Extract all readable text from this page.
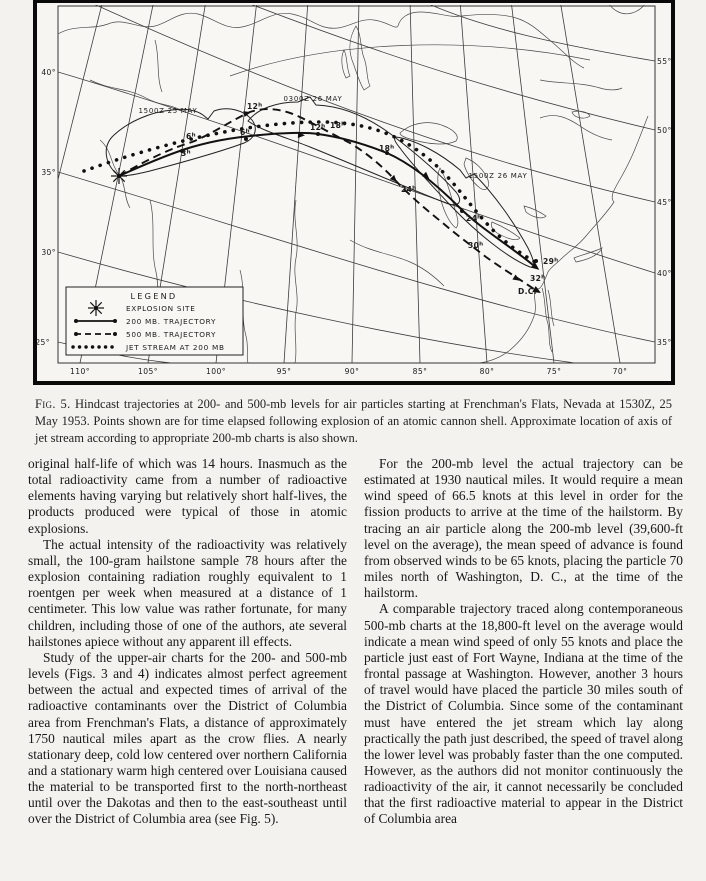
1500Z 25 MAY
0300Z 26 MAY
1500Z 26 MAY
3$^h$
6$^h$	6$^h$
12$^h$
12$^h$ 18$^h$
18$^h$
24$^h$
24$^h$
30$^h$
29$^h$
32$^h$
D.C.
40°
35°
30°
25°
55°
50°
45°
40°
35°
110°	105°	100°	95°	90°	85°	80°	75°	70°
LEGEND
EXPLOSION SITE
200 MB. TRAJECTORY
500 MB. TRAJECTORY
JET STREAM AT 200 MB
Fig. 5. Hindcast trajectories at 200- and 500-mb levels for air particles starting at Frenchman's Flats, Nevada at 1530Z, 25 May 1953. Points shown are for time elapsed following explosion of an atomic cannon shell. Approximate location of axis of jet stream according to appropriate 200-mb charts is also shown.

original half-life of which was 14 hours. Inasmuch as the total radioactivity came from a number of radioactive elements having varying but relatively short half-lives, the products produced were typical of those in atomic explosions.

The actual intensity of the radioactivity was relatively small, the 100-gram hailstone sample 78 hours after the explosion containing radiation roughly equivalent to 1 roentgen per week when measured at a distance of 1 centimeter. This low value was rather fortunate, for many children, including those of one of the authors, ate several hailstones apiece without any apparent ill effects.

Study of the upper-air charts for the 200- and 500-mb levels (Figs. 3 and 4) indicates almost perfect agreement between the actual and expected times of arrival of the radioactive contaminants over the District of Columbia area from Frenchman's Flats, a distance of approximately 1750 nautical miles apart as the crow flies. A nearly stationary deep, cold low centered over northern California and a stationary warm high centered over Louisiana caused the material to be transported first to the north-northeast until over the Dakotas and then to the east-southeast until over the District of Columbia area (see Fig. 5).

For the 200-mb level the actual trajectory can be estimated at 1930 nautical miles. It would require a mean wind speed of 66.5 knots at this level in order for the fission products to arrive at the time of the hailstorm. By tracing an air particle along the 200-mb level (39,600-ft level on the average), the mean speed of advance is found from observed winds to be 65 knots, placing the particle 70 miles north of Washington, D. C., at the time of the hailstorm.

A comparable trajectory traced along contemporaneous 500-mb charts at the 18,800-ft level on the average would indicate a mean wind speed of only 55 knots and place the particle just east of Fort Wayne, Indiana at the time of the frontal passage at Washington. However, another 3 hours of travel would have placed the particle 30 miles south of the District of Columbia. Since some of the contaminant must have entered the jet stream which lay along practically the path just described, the speed of travel along the lower level was probably faster than the one computed. However, as the authors did not monitor continuously the radioactivity of the air, it cannot necessarily be concluded that the first radioactive material to appear in the District of Columbia area
